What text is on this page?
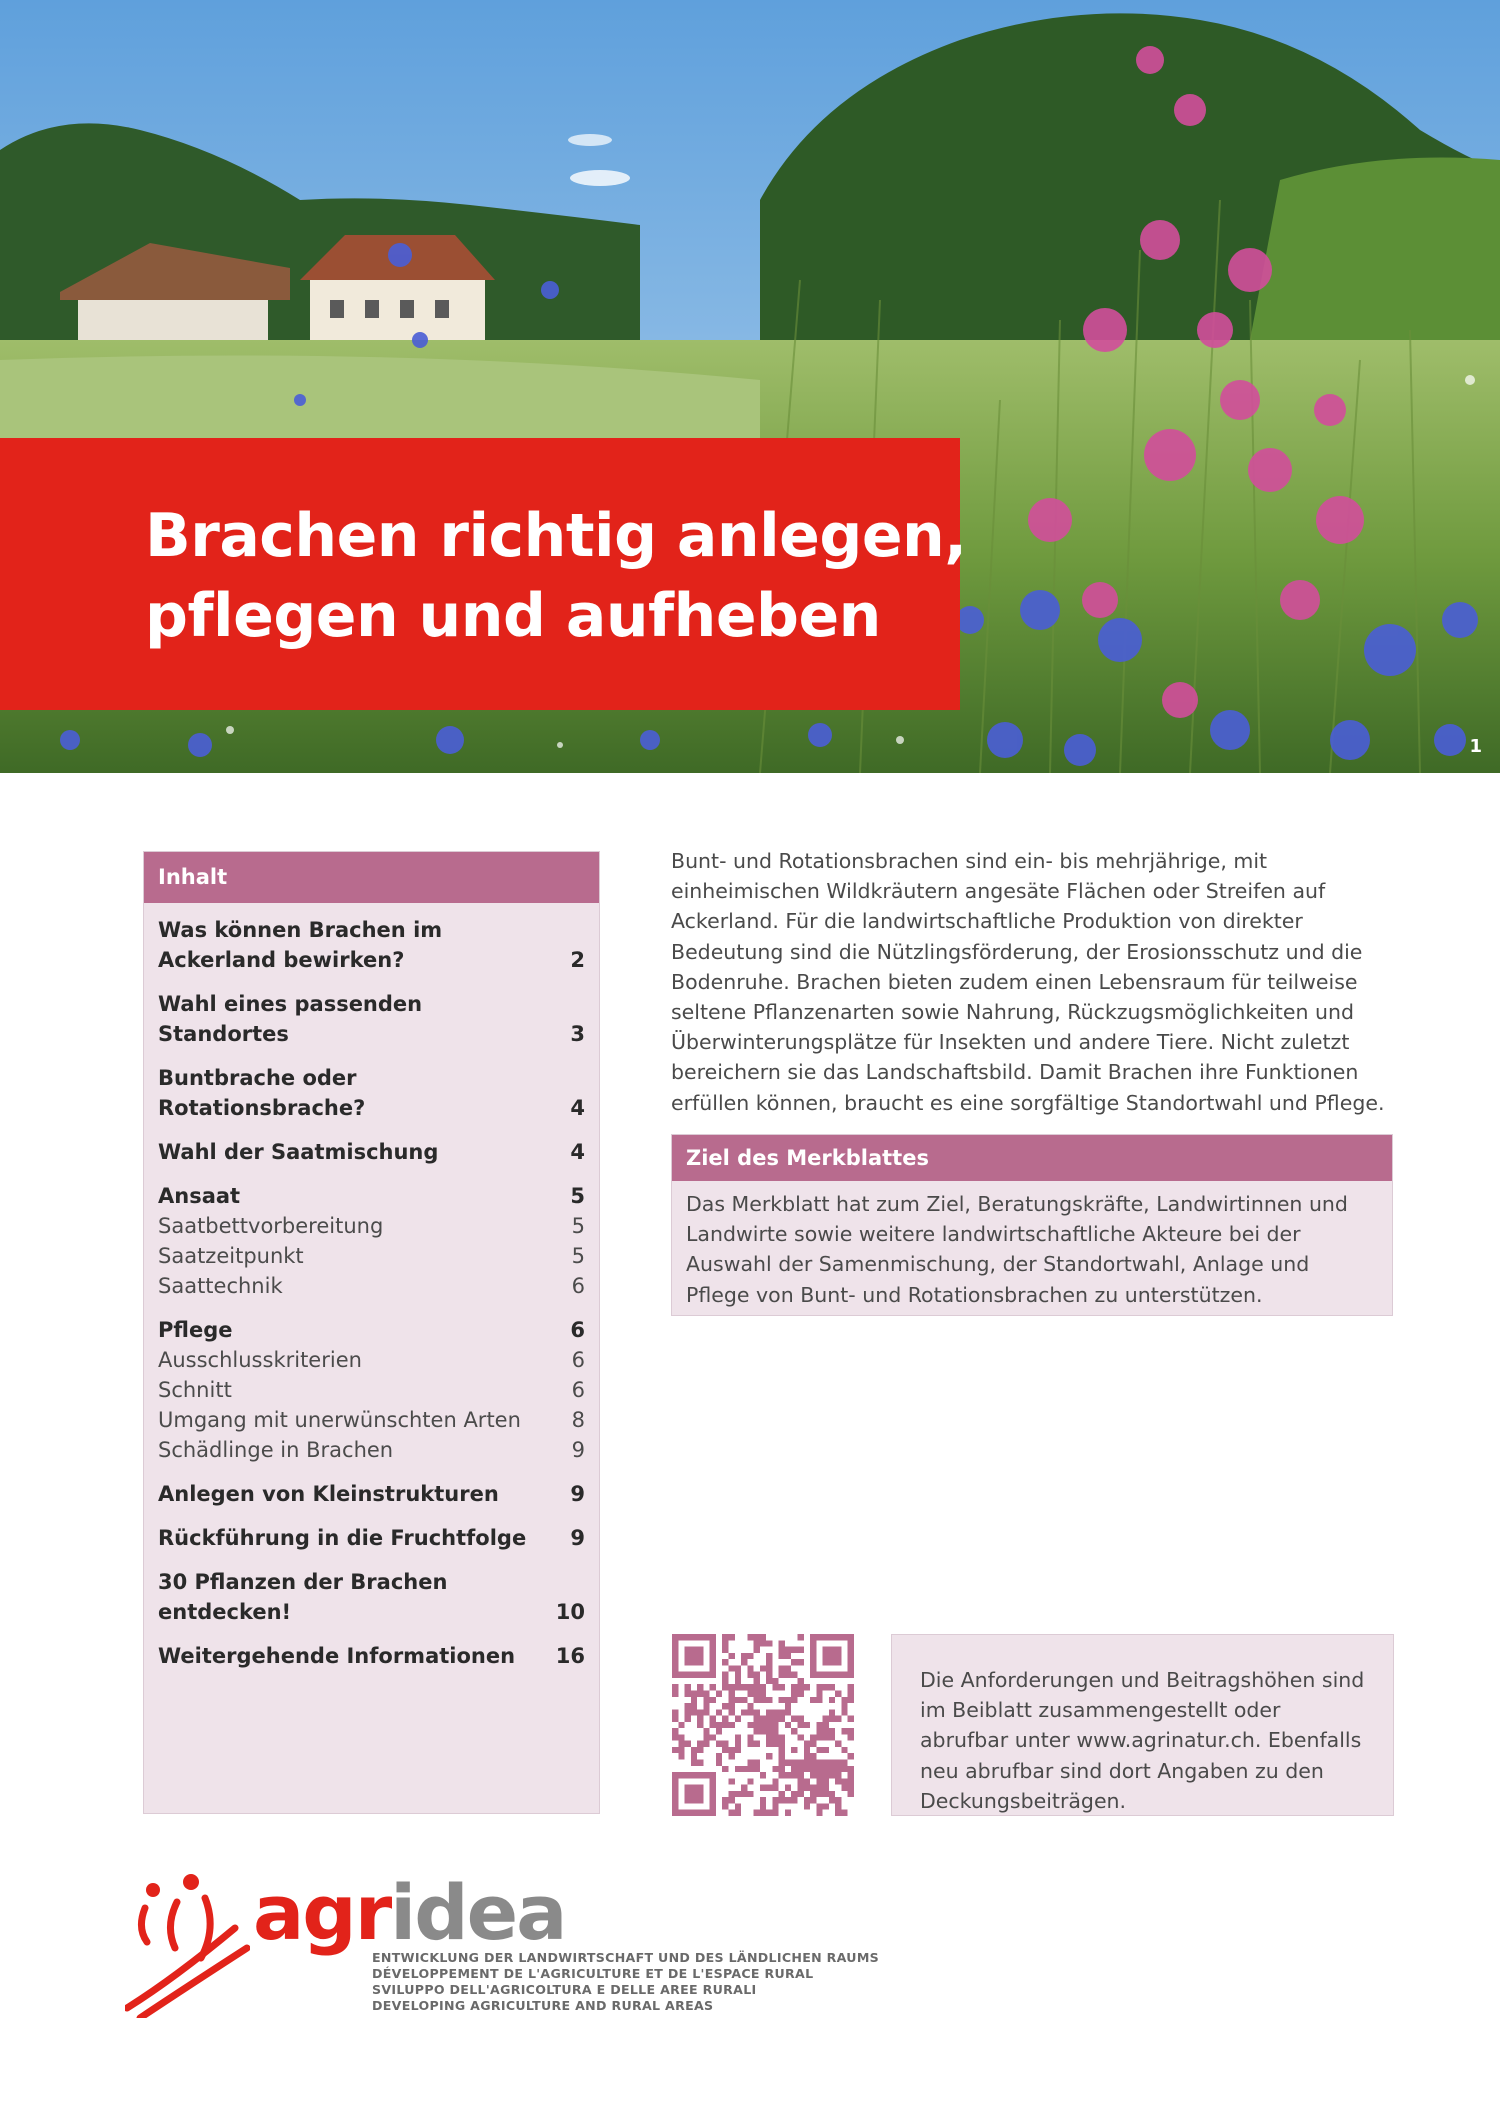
Brachen richtig anlegen,
pflegen und aufheben
1
Inhalt
Was können Brachen im Ackerland bewirken?	2
Wahl eines passenden Standortes	3
Buntbrache oder Rotationsbrache?	4
Wahl der Saatmischung	4
Ansaat	5
Saatbettvorbereitung	5
Saatzeitpunkt	5
Saattechnik	6
Pflege	6
Ausschlusskriterien	6
Schnitt	6
Umgang mit unerwünschten Arten	8
Schädlinge in Brachen	9
Anlegen von Kleinstrukturen	9
Rückführung in die Fruchtfolge	9
30 Pflanzen der Brachen entdecken!	10
Weitergehende Informationen	16

Bunt- und Rotationsbrachen sind ein- bis mehrjährige, mit einheimischen Wildkräutern angesäte Flächen oder Streifen auf Ackerland. Für die landwirtschaftliche Produktion von direkter Bedeutung sind die Nützlingsförderung, der Erosionsschutz und die Bodenruhe. Brachen bieten zudem einen Lebensraum für teilweise seltene Pflanzenarten sowie Nahrung, Rückzugsmöglichkeiten und Überwinterungsplätze für Insekten und andere Tiere. Nicht zuletzt bereichern sie das Landschaftsbild. Damit Brachen ihre Funktionen erfüllen können, braucht es eine sorgfältige Standortwahl und Pflege.

Ziel des Merkblattes
Das Merkblatt hat zum Ziel, Beratungskräfte, Landwirtinnen und Landwirte sowie weitere landwirtschaftliche Akteure bei der Auswahl der Samenmischung, der Standortwahl, Anlage und Pflege von Bunt- und Rotationsbrachen zu unterstützen.
Die Anforderungen und Beitragshöhen sind im Beiblatt zusammengestellt oder abrufbar unter www.agrinatur.ch. Ebenfalls neu abrufbar sind dort Angaben zu den Deckungsbeiträgen.
agridea
ENTWICKLUNG DER LANDWIRTSCHAFT UND DES LÄNDLICHEN RAUMS
DÉVELOPPEMENT DE L'AGRICULTURE ET DE L'ESPACE RURAL
SVILUPPO DELL'AGRICOLTURA E DELLE AREE RURALI
DEVELOPING AGRICULTURE AND RURAL AREAS
